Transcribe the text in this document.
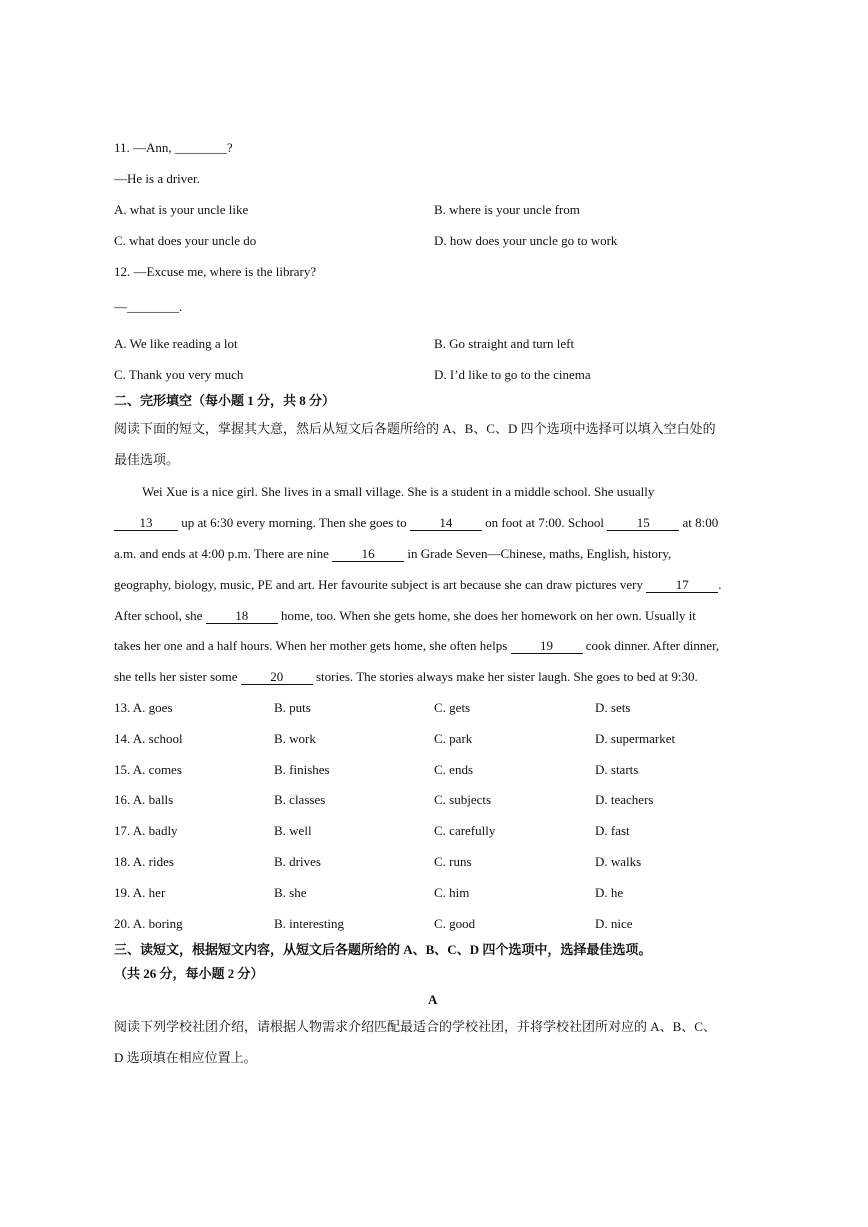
11. —Ann, ________?
—He is a driver.
A. what is your uncle like	B. where is your uncle from
C. what does your uncle do	D. how does your uncle go to work
12. —Excuse me, where is the library?
—________.
A. We like reading a lot	B. Go straight and turn left
C. Thank you very much	D. I’d like to go to the cinema
二、完形填空（每小题 1 分，共 8 分）
阅读下面的短文，掌握其大意，然后从短文后各题所给的 A、B、C、D 四个选项中选择可以填入空白处的
最佳选项。
Wei Xue is a nice girl. She lives in a small village. She is a student in a middle school. She usually
13 up at 6:30 every morning. Then she goes to 14 on foot at 7:00. School 15 at 8:00
a.m. and ends at 4:00 p.m. There are nine 16 in Grade Seven—Chinese, maths, English, history,
geography, biology, music, PE and art. Her favourite subject is art because she can draw pictures very 17 .
After school, she 18 home, too. When she gets home, she does her homework on her own. Usually it
takes her one and a half hours. When her mother gets home, she often helps 19 cook dinner. After dinner,
she tells her sister some 20 stories. The stories always make her sister laugh. She goes to bed at 9:30.
13. A. goes	B. puts	C. gets	D. sets
14. A. school	B. work	C. park	D. supermarket
15. A. comes	B. finishes	C. ends	D. starts
16. A. balls	B. classes	C. subjects	D. teachers
17. A. badly	B. well	C. carefully	D. fast
18. A. rides	B. drives	C. runs	D. walks
19. A. her	B. she	C. him	D. he
20. A. boring	B. interesting	C. good	D. nice
三、读短文，根据短文内容，从短文后各题所给的 A、B、C、D 四个选项中，选择最佳选项。
（共 26 分，每小题 2 分）
A
阅读下列学校社团介绍，请根据人物需求介绍匹配最适合的学校社团，并将学校社团所对应的 A、B、C、
D 选项填在相应位置上。
